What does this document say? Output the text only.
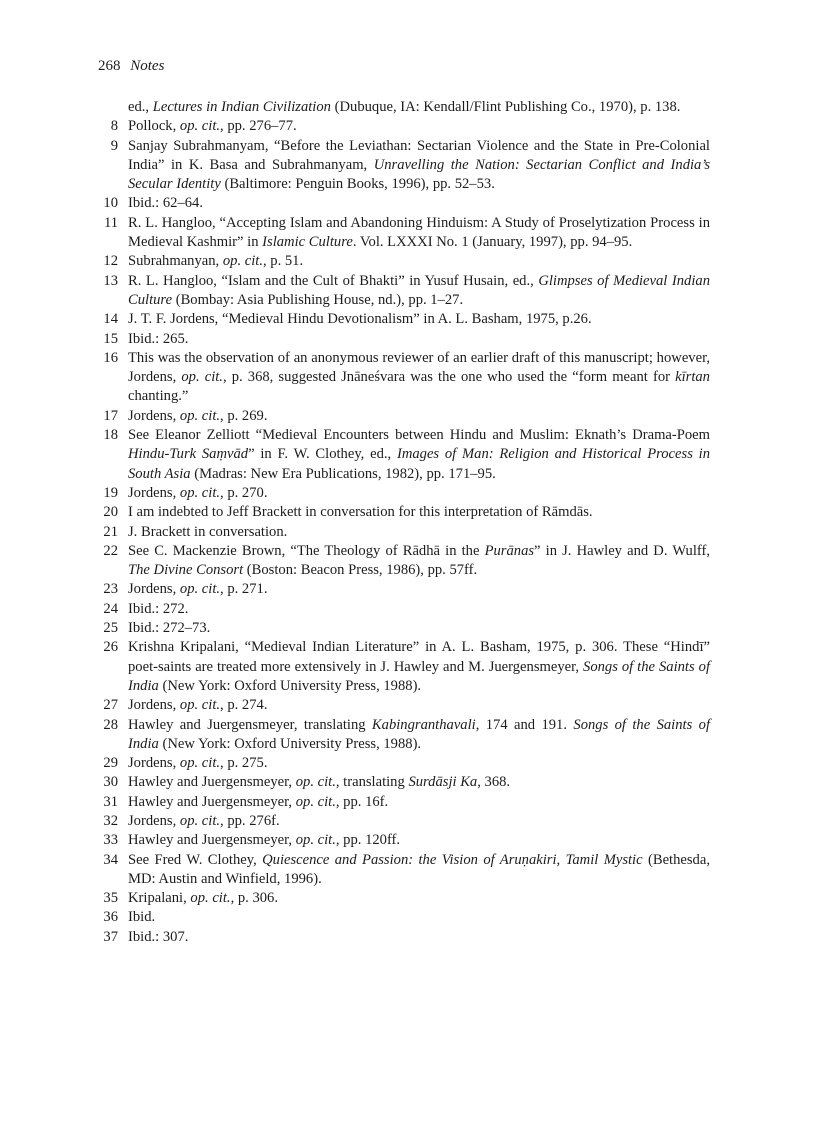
268 Notes
ed., Lectures in Indian Civilization (Dubuque, IA: Kendall/Flint Publishing Co., 1970), p. 138.
8 Pollock, op. cit., pp. 276–77.
9 Sanjay Subrahmanyam, “Before the Leviathan: Sectarian Violence and the State in Pre-Colonial India” in K. Basa and Subrahmanyam, Unravelling the Nation: Sectarian Conflict and India’s Secular Identity (Baltimore: Penguin Books, 1996), pp. 52–53.
10 Ibid.: 62–64.
11 R. L. Hangloo, “Accepting Islam and Abandoning Hinduism: A Study of Proselytization Process in Medieval Kashmir” in Islamic Culture. Vol. LXXXI No. 1 (January, 1997), pp. 94–95.
12 Subrahmanyan, op. cit., p. 51.
13 R. L. Hangloo, “Islam and the Cult of Bhakti” in Yusuf Husain, ed., Glimpses of Medieval Indian Culture (Bombay: Asia Publishing House, nd.), pp. 1–27.
14 J. T. F. Jordens, “Medieval Hindu Devotionalism” in A. L. Basham, 1975, p.26.
15 Ibid.: 265.
16 This was the observation of an anonymous reviewer of an earlier draft of this manuscript; however, Jordens, op. cit., p. 368, suggested Jnāneśvara was the one who used the “form meant for kīrtan chanting.”
17 Jordens, op. cit., p. 269.
18 See Eleanor Zelliott “Medieval Encounters between Hindu and Muslim: Eknath’s Drama-Poem Hindu-Turk Saṃvād” in F. W. Clothey, ed., Images of Man: Religion and Historical Process in South Asia (Madras: New Era Publications, 1982), pp. 171–95.
19 Jordens, op. cit., p. 270.
20 I am indebted to Jeff Brackett in conversation for this interpretation of Rāmdās.
21 J. Brackett in conversation.
22 See C. Mackenzie Brown, “The Theology of Rādhā in the Purānas” in J. Hawley and D. Wulff, The Divine Consort (Boston: Beacon Press, 1986), pp. 57ff.
23 Jordens, op. cit., p. 271.
24 Ibid.: 272.
25 Ibid.: 272–73.
26 Krishna Kripalani, “Medieval Indian Literature” in A. L. Basham, 1975, p. 306. These “Hindī” poet-saints are treated more extensively in J. Hawley and M. Juergensmeyer, Songs of the Saints of India (New York: Oxford University Press, 1988).
27 Jordens, op. cit., p. 274.
28 Hawley and Juergensmeyer, translating Kabingranthavali, 174 and 191. Songs of the Saints of India (New York: Oxford University Press, 1988).
29 Jordens, op. cit., p. 275.
30 Hawley and Juergensmeyer, op. cit., translating Surdāsji Ka, 368.
31 Hawley and Juergensmeyer, op. cit., pp. 16f.
32 Jordens, op. cit., pp. 276f.
33 Hawley and Juergensmeyer, op. cit., pp. 120ff.
34 See Fred W. Clothey, Quiescence and Passion: the Vision of Aruṇakiri, Tamil Mystic (Bethesda, MD: Austin and Winfield, 1996).
35 Kripalani, op. cit., p. 306.
36 Ibid.
37 Ibid.: 307.
